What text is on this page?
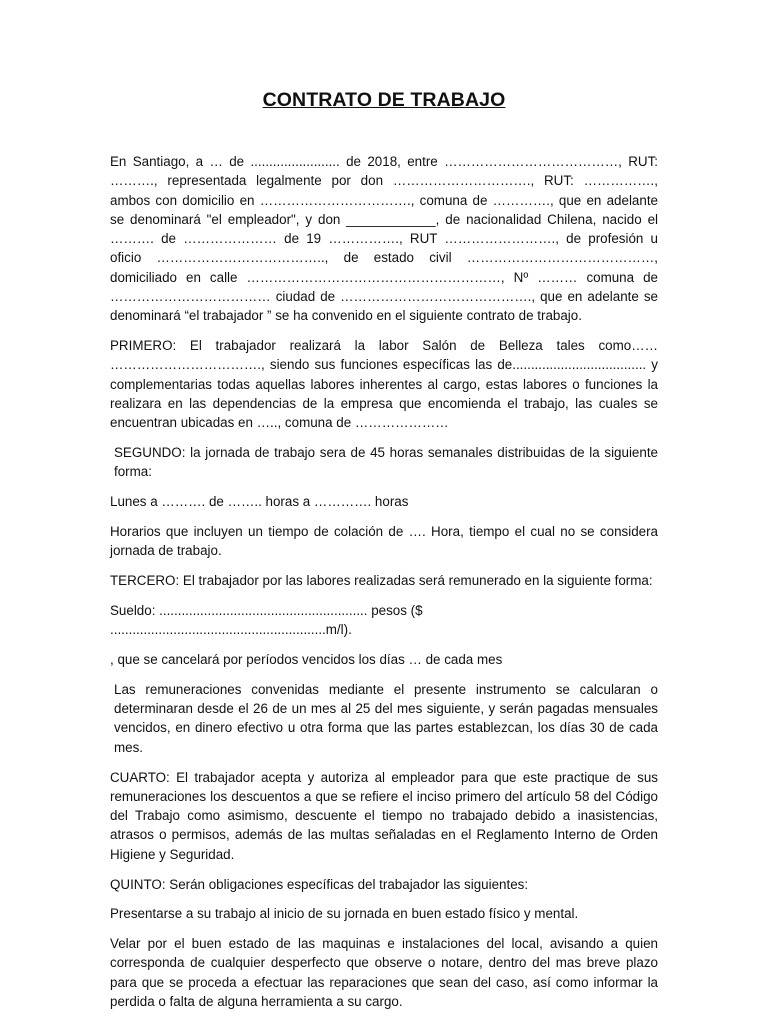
CONTRATO DE TRABAJO

En Santiago, a … de ........................ de 2018, entre …………………………………, RUT: ………., representada legalmente por don …………………………., RUT: ……………., ambos con domicilio en ……………………………., comuna de …………., que en adelante se denominará "el empleador", y don ____________, de nacionalidad Chilena, nacido el ………. de ………………… de 19 ……………., RUT ……………………., de profesión u oficio ……………………………….., de estado civil ……………………………………, domiciliado en calle …………………………………………………, Nº ……… comuna de ……………………………… ciudad de ……………………………………., que en adelante se denominará “el trabajador ” se ha convenido en el siguiente contrato de trabajo.

PRIMERO: El trabajador realizará la labor Salón de Belleza tales como…… ……………………………., siendo sus funciones específicas las de.................................... y complementarias todas aquellas labores inherentes al cargo, estas labores o funciones la realizara en las dependencias de la empresa que encomienda el trabajo, las cuales se encuentran ubicadas en ….., comuna de …………………

SEGUNDO: la jornada de trabajo sera de 45 horas semanales distribuidas de la siguiente forma:

Lunes a ………. de …….. horas a …………. horas

Horarios que incluyen un tiempo de colación de …. Hora, tiempo el cual no se considera jornada de trabajo.

TERCERO: El trabajador por las labores realizadas será remunerado en la siguiente forma:

Sueldo: ........................................................ pesos ($ ..........................................................m/l).

, que se cancelará por períodos vencidos los días … de cada mes

Las remuneraciones convenidas mediante el presente instrumento se calcularan o determinaran desde el 26 de un mes al 25 del mes siguiente, y serán pagadas mensuales vencidos, en dinero efectivo u otra forma que las partes establezcan, los días 30 de cada mes.

CUARTO: El trabajador acepta y autoriza al empleador para que este practique de sus remuneraciones los descuentos a que se refiere el inciso primero del artículo 58 del Código del Trabajo como asimismo, descuente el tiempo no trabajado debido a inasistencias, atrasos o permisos, además de las multas señaladas en el Reglamento Interno de Orden Higiene y Seguridad.

QUINTO: Serán obligaciones específicas del trabajador las siguientes:

Presentarse a su trabajo al inicio de su jornada en buen estado físico y mental.

Velar por el buen estado de las maquinas e instalaciones del local, avisando a quien corresponda de cualquier desperfecto que observe o notare, dentro del mas breve plazo para que se proceda a efectuar las reparaciones que sean del caso, así como informar la perdida o falta de alguna herramienta a su cargo.
